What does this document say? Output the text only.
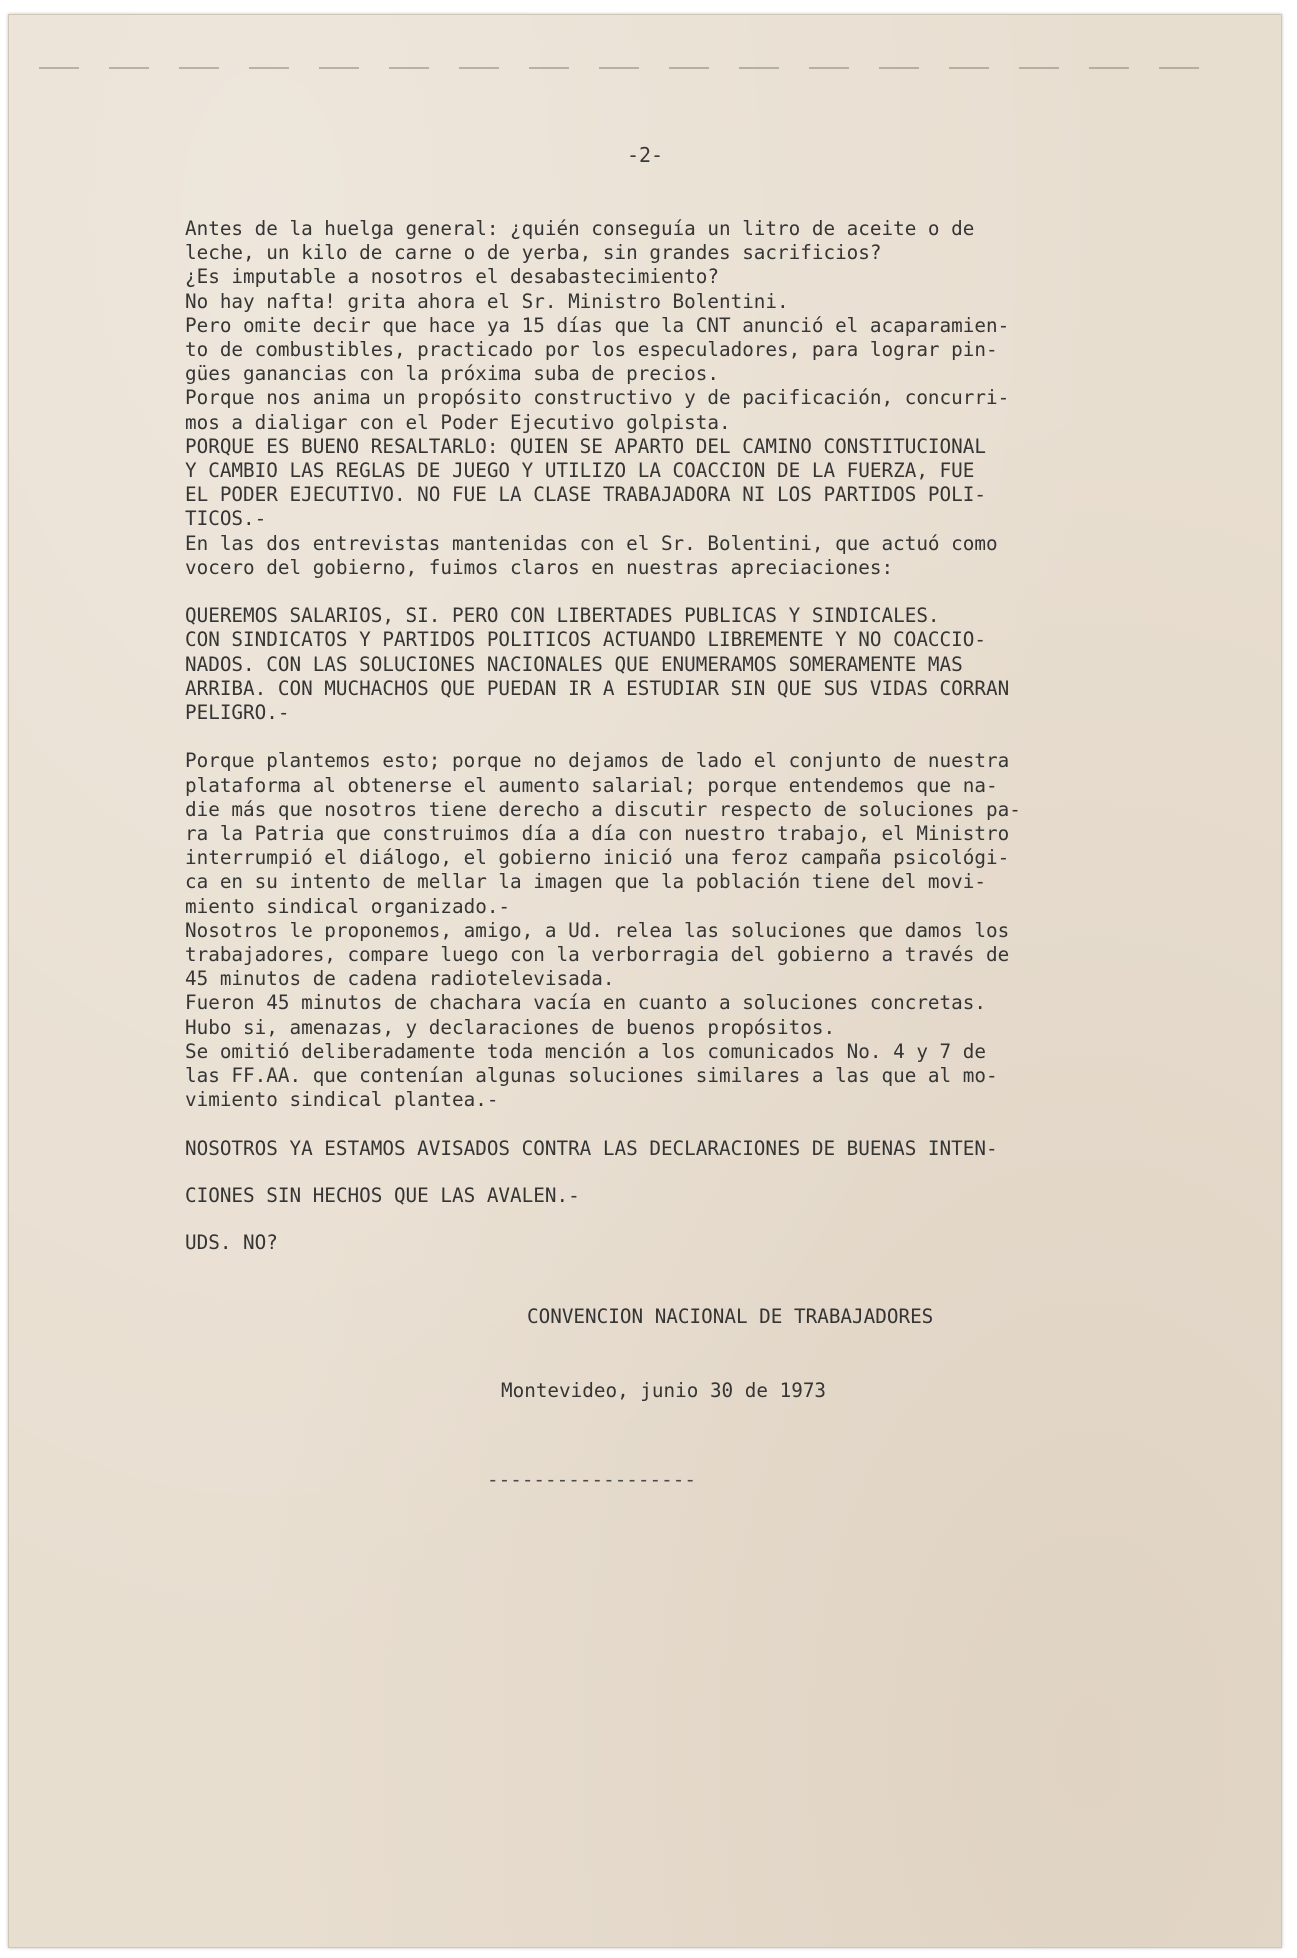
-2-
Antes de la huelga general: ¿quién conseguía un litro de aceite o de
leche, un kilo de carne o de yerba, sin grandes sacrificios?
¿Es imputable a nosotros el desabastecimiento?
No hay nafta! grita ahora el Sr. Ministro Bolentini.
Pero omite decir que hace ya 15 días que la CNT anunció el acaparamien-
to de combustibles, practicado por los especuladores, para lograr pin-
gües ganancias con la próxima suba de precios.
Porque nos anima un propósito constructivo y de pacificación, concurri-
mos a dialigar con el Poder Ejecutivo golpista.
PORQUE ES BUENO RESALTARLO: QUIEN SE APARTO DEL CAMINO CONSTITUCIONAL
Y CAMBIO LAS REGLAS DE JUEGO Y UTILIZO LA COACCION DE LA FUERZA, FUE
EL PODER EJECUTIVO. NO FUE LA CLASE TRABAJADORA NI LOS PARTIDOS POLI-
TICOS.-
En las dos entrevistas mantenidas con el Sr. Bolentini, que actuó como
vocero del gobierno, fuimos claros en nuestras apreciaciones:
QUEREMOS SALARIOS, SI. PERO CON LIBERTADES PUBLICAS Y SINDICALES.
CON SINDICATOS Y PARTIDOS POLITICOS ACTUANDO LIBREMENTE Y NO COACCIO-
NADOS. CON LAS SOLUCIONES NACIONALES QUE ENUMERAMOS SOMERAMENTE MAS
ARRIBA. CON MUCHACHOS QUE PUEDAN IR A ESTUDIAR SIN QUE SUS VIDAS CORRAN
PELIGRO.-
Porque plantemos esto; porque no dejamos de lado el conjunto de nuestra
plataforma al obtenerse el aumento salarial; porque entendemos que na-
die más que nosotros tiene derecho a discutir respecto de soluciones pa-
ra la Patria que construimos día a día con nuestro trabajo, el Ministro
interrumpió el diálogo, el gobierno inició una feroz campaña psicológi-
ca en su intento de mellar la imagen que la población tiene del movi-
miento sindical organizado.-
Nosotros le proponemos, amigo, a Ud. relea las soluciones que damos los
trabajadores, compare luego con la verborragia del gobierno a través de
45 minutos de cadena radiotelevisada.
Fueron 45 minutos de chachara vacía en cuanto a soluciones concretas.
Hubo si, amenazas, y declaraciones de buenos propósitos.
Se omitió deliberadamente toda mención a los comunicados No. 4 y 7 de
las FF.AA. que contenían algunas soluciones similares a las que al mo-
vimiento sindical plantea.-
NOSOTROS YA ESTAMOS AVISADOS CONTRA LAS DECLARACIONES DE BUENAS INTEN-
CIONES SIN HECHOS QUE LAS AVALEN.-
UDS. NO?
CONVENCION NACIONAL DE TRABAJADORES
Montevideo, junio 30 de 1973
------------------
